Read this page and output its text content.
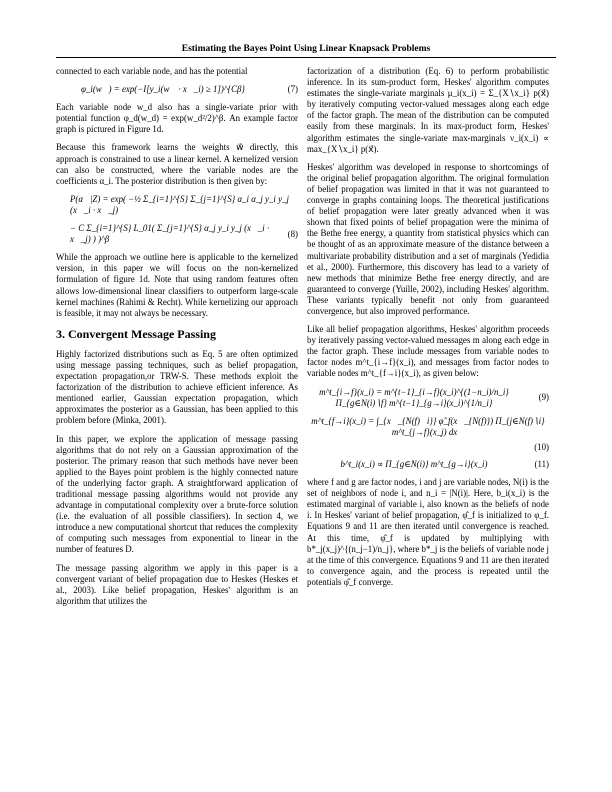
Estimating the Bayes Point Using Linear Knapsack Problems

connected to each variable node, and has the potential

φ_i(w⃗) = exp(−I[y_i(w⃗ · x⃗_i) ≥ 1])^{Cβ}	(7)

Each variable node w_d also has a single-variate prior with potential function φ_d(w_d) = exp(w_d²/2)^β. An example factor graph is pictured in Figure 1d.

Because this framework learns the weights w⃗ directly, this approach is constrained to use a linear kernel. A kernelized version can also be constructed, where the variable nodes are the coefficients α_i. The posterior distribution is then given by:

P(α⃗|Z) = exp( −½ Σ_{i=1}^{S} Σ_{j=1}^{S} α_i α_j y_i y_j (x⃗_i · x⃗_j)
− C Σ_{i=1}^{S} L_01( Σ_{j=1}^{S} α_j y_i y_j (x⃗_i · x⃗_j) ) )^β
(8)

While the approach we outline here is applicable to the kernelized version, in this paper we will focus on the non-kernelized formulation of figure 1d. Note that using random features often allows low-dimensional linear classifiers to outperform large-scale kernel machines (Rahimi & Recht). While kernelizing our approach is feasible, it may not always be necessary.

3. Convergent Message Passing

Highly factorized distributions such as Eq. 5 are often optimized using message passing techniques, such as belief propagation, expectation propagation,or TRW-S. These methods exploit the factorization of the distribution to achieve efficient inference. As mentioned earlier, Gaussian expectation propagation, which approximates the posterior as a Gaussian, has been applied to this problem before (Minka, 2001).

In this paper, we explore the application of message passing algorithms that do not rely on a Gaussian approximation of the posterior. The primary reason that such methods have never been applied to the Bayes point problem is the highly connected nature of the underlying factor graph. A straightforward application of traditional message passing algorithms would not provide any advantage in computational complexity over a brute-force solution (i.e. the evaluation of all possible classifiers). In section 4, we introduce a new computational shortcut that reduces the complexity of computing such messages from exponential to linear in the number of features D.

The message passing algorithm we apply in this paper is a convergent variant of belief propagation due to Heskes (Heskes et al., 2003). Like belief propagation, Heskes' algorithm is an algorithm that utilizes the

factorization of a distribution (Eq. 6) to perform probabilistic inference. In its sum-product form, Heskes' algorithm computes estimates the single-variate marginals μ_i(x_i) = Σ_{X∖x_i} p(x⃗) by iteratively computing vector-valued messages along each edge of the factor graph. The mean of the distribution can be computed easily from these marginals. In its max-product form, Heskes' algorithm estimates the single-variate max-marginals ν_i(x_i) ∝ max_{X∖x_i} p(x⃗).

Heskes' algorithm was developed in response to shortcomings of the original belief propagation algorithm. The original formulation of belief propagation was limited in that it was not guaranteed to converge in graphs containing loops. The theoretical justifications of belief propagation were later greatly advanced when it was shown that fixed points of belief propagation were the minima of the Bethe free energy, a quantity from statistical physics which can be thought of as an approximate measure of the distance between a multivariate probability distribution and a set of marginals (Yedidia et al., 2000). Furthermore, this discovery has lead to a variety of new methods that minimize Bethe free energy directly, and are guaranteed to converge (Yuille, 2002), including Heskes' algorithm. These variants typically benefit not only from guaranteed convergence, but also improved performance.

Like all belief propagation algorithms, Heskes' algorithm proceeds by iteratively passing vector-valued messages m along each edge in the factor graph. These include messages from variable nodes to factor nodes m^t_{i→f}(x_i), and messages from factor nodes to variable nodes m^t_{f→i}(x_i), as given below:

m^t_{i→f}(x_i) = m^{t−1}_{i→f}(x_i)^{(1−n_i)/n_i} Π_{g∈N(i)∖f} m^{t−1}_{g→i}(x_i)^{1/n_i}
(9)
m^t_{f→i}(x_i) = ∫_{x⃗_{N(f)∖i}} φ̂_f(x⃗_{N(f)}) Π_{j∈N(f)∖i} m^t_{j→f}(x_j) dx⃗
(10)
b^t_i(x_i) ∝ Π_{g∈N(i)} m^t_{g→i}(x_i)	(11)

where f and g are factor nodes, i and j are variable nodes, N(i) is the set of neighbors of node i, and n_i = |N(i)|. Here, b_i(x_i) is the estimated marginal of variable i, also known as the beliefs of node i. In Heskes' variant of belief propagation, φ̂_f is initialized to φ_f. Equations 9 and 11 are then iterated until convergence is reached. At this time, φ̂_f is updated by multiplying with b*_j(x_j)^{(n_j−1)/n_j}, where b*_j is the beliefs of variable node j at the time of this convergence. Equations 9 and 11 are then iterated to convergence again, and the process is repeated until the potentials φ̂_f converge.
